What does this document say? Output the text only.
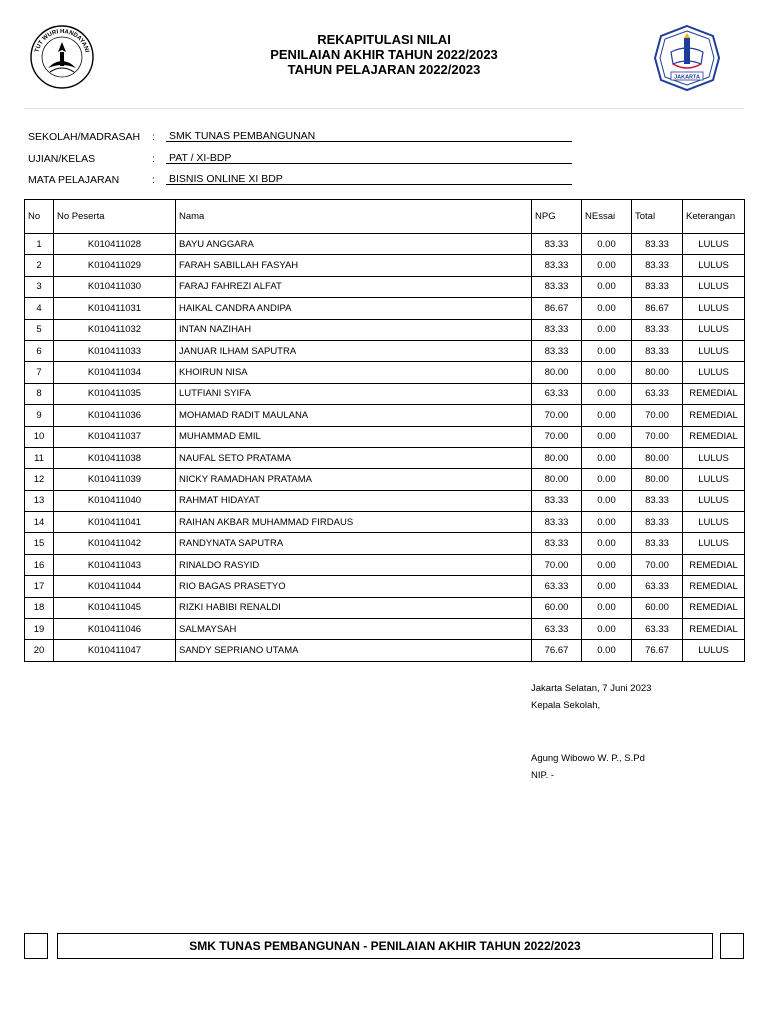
TUT WURI HANDAYANI
REKAPITULASI NILAI
PENILAIAN AKHIR TAHUN 2022/2023
TAHUN PELAJARAN 2022/2023
JAKARTA
SEKOLAH/MADRASAH	: SMK TUNAS PEMBANGUNAN
UJIAN/KELAS	: PAT / XI-BDP
MATA PELAJARAN	: BISNIS ONLINE XI BDP
No	No Peserta	Nama	NPG	NEssai	Total	Keterangan
1	K010411028	BAYU ANGGARA	83.33	0.00	83.33	LULUS
2	K010411029	FARAH SABILLAH FASYAH	83.33	0.00	83.33	LULUS
3	K010411030	FARAJ FAHREZI ALFAT	83.33	0.00	83.33	LULUS
4	K010411031	HAIKAL CANDRA ANDIPA	86.67	0.00	86.67	LULUS
5	K010411032	INTAN NAZIHAH	83.33	0.00	83.33	LULUS
6	K010411033	JANUAR ILHAM SAPUTRA	83.33	0.00	83.33	LULUS
7	K010411034	KHOIRUN NISA	80.00	0.00	80.00	LULUS
8	K010411035	LUTFIANI SYIFA	63.33	0.00	63.33	REMEDIAL
9	K010411036	MOHAMAD RADIT MAULANA	70.00	0.00	70.00	REMEDIAL
10	K010411037	MUHAMMAD EMIL	70.00	0.00	70.00	REMEDIAL
11	K010411038	NAUFAL SETO PRATAMA	80.00	0.00	80.00	LULUS
12	K010411039	NICKY RAMADHAN PRATAMA	80.00	0.00	80.00	LULUS
13	K010411040	RAHMAT HIDAYAT	83.33	0.00	83.33	LULUS
14	K010411041	RAIHAN AKBAR MUHAMMAD FIRDAUS	83.33	0.00	83.33	LULUS
15	K010411042	RANDYNATA SAPUTRA	83.33	0.00	83.33	LULUS
16	K010411043	RINALDO RASYID	70.00	0.00	70.00	REMEDIAL
17	K010411044	RIO BAGAS PRASETYO	63.33	0.00	63.33	REMEDIAL
18	K010411045	RIZKI HABIBI RENALDI	60.00	0.00	60.00	REMEDIAL
19	K010411046	SALMAYSAH	63.33	0.00	63.33	REMEDIAL
20	K010411047	SANDY SEPRIANO UTAMA	76.67	0.00	76.67	LULUS
Jakarta Selatan, 7 Juni 2023
Kepala Sekolah,
Agung Wibowo W. P., S.Pd
NIP. -
SMK TUNAS PEMBANGUNAN - PENILAIAN AKHIR TAHUN 2022/2023
